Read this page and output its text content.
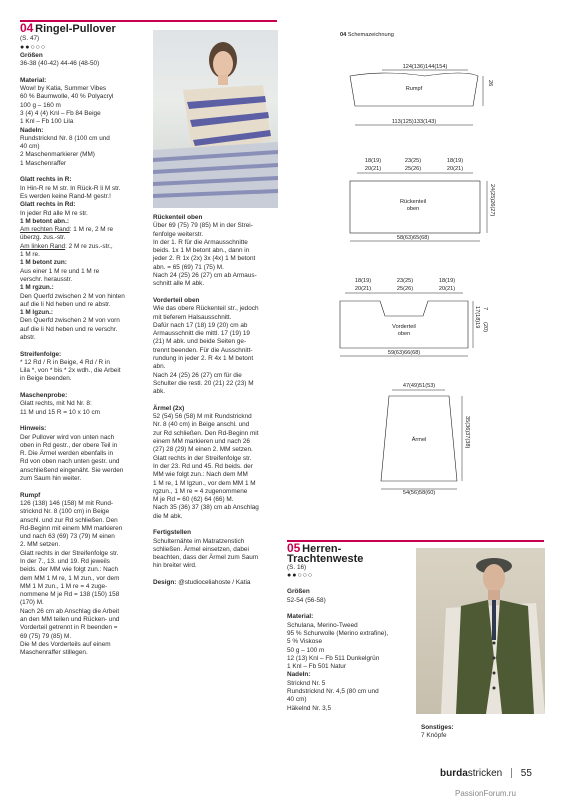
04 Ringel-Pullover

(S. 47)

●●○○○

Größen

36-38 (40-42) 44-46 (48-50)

Material:

Wow! by Katia, Summer Vibes

60 % Baumwolle, 40 % Polyacryl

100 g – 160 m

3 (4) 4 (4) Knl – Fb 84 Beige

1 Knl – Fb 100 Lila

Nadeln:

Rundstricknd Nr. 8 (100 cm und

40 cm)

2 Maschenmarkierer (MM)

1 Maschenraffer

Glatt rechts in R:

In Hin-R re M str. In Rück-R li M str.

Es werden keine Rand-M gestr.!

Glatt rechts in Rd:

In jeder Rd alle M re str.

1 M betont abn.:

Am rechten Rand: 1 M re, 2 M re

überzg. zus.-str.

Am linken Rand: 2 M re zus.-str.,

1 M re.

1 M betont zun:

Aus einer 1 M re und 1 M re

verschr. herausstr.

1 M rgzun.:

Den Querfd zwischen 2 M von hinten

auf die li Nd heben und re abstr.

1 M lgzun.:

Den Querfd zwischen 2 M von vorn

auf die li Nd heben und re verschr.

abstr.

Streifenfolge:

* 12 Rd / R in Beige, 4 Rd / R in

Lila *, von * bis * 2x wdh., die Arbeit

in Beige beenden.

Maschenprobe:

Glatt rechts, mit Nd Nr. 8:

11 M und 15 R = 10 x 10 cm

Hinweis:

Der Pullover wird von unten nach

oben in Rd gestr., der obere Teil in

R. Die Ärmel werden ebenfalls in

Rd von oben nach unten gestr. und

anschließend eingenäht. Sie werden

zum Saum hin weiter.

Rumpf

126 (138) 146 (158) M mit Rund-

stricknd Nr. 8 (100 cm) in Beige

anschl. und zur Rd schließen. Den

Rd-Beginn mit einem MM markieren

und nach 63 (69) 73 (79) M einen

2. MM setzen.

Glatt rechts in der Streifenfolge str.

In der 7., 13. und 19. Rd jeweils

beids. der MM wie folgt zun.: Nach

dem MM 1 M re, 1 M zun., vor dem

MM 1 M zun., 1 M re = 4 zuge-

nommene M je Rd = 138 (150) 158

(170) M.

Nach 26 cm ab Anschlag die Arbeit

an den MM teilen und Rücken- und

Vorderteil getrennt in R beenden =

69 (75) 79 (85) M.

Die M des Vorderteils auf einem

Maschenraffer stillegen.

Rückenteil oben

Über 69 (75) 79 (85) M in der Strei-

fenfolge weiterstr.

In der 1. R für die Armausschnitte

beids. 1x 1 M betont abn., dann in

jeder 2. R 1x (2x) 3x (4x) 1 M betont

abn. = 65 (69) 71 (75) M.

Nach 24 (25) 26 (27) cm ab Armaus-

schnitt alle M abk.

Vorderteil oben

Wie das obere Rückenteil str., jedoch

mit tieferem Halsausschnitt.

Dafür nach 17 (18) 19 (20) cm ab

Armausschnitt die mittl. 17 (19) 19

(21) M abk. und beide Seiten ge-

trennt beenden. Für die Ausschnitt-

rundung in jeder 2. R 4x 1 M betont

abn.

Nach 24 (25) 26 (27) cm für die

Schulter die restl. 20 (21) 22 (23) M

abk.

Ärmel (2x)

52 (54) 56 (58) M mit Rundstricknd

Nr. 8 (40 cm) in Beige anschl. und

zur Rd schließen. Den Rd-Beginn mit

einem MM markieren und nach 26

(27) 28 (29) M einen 2. MM setzen.

Glatt rechts in der Streifenfolge str.

In der 23. Rd und 45. Rd beids. der

MM wie folgt zun.: Nach dem MM

1 M re, 1 M lgzun., vor dem MM 1 M

rgzun., 1 M re = 4 zugenommene

M je Rd = 60 (62) 64 (66) M.

Nach 35 (36) 37 (38) cm ab Anschlag

die M abk.

Fertigstellen

Schulternähte im Matratzenstich

schließen. Ärmel einsetzen, dabei

beachten, dass der Ärmel zum Saum

hin breiter wird.

Design: @studioceliahoste / Katia

04 Schemazeichnung
124(136)144(154)
Rumpf
113(125)133(143)
26
18(19)
20(21)
23(25)
25(26)
18(19)
20(21)
Rückenteil
oben
58(63)65(68)
24(25)26(27)
18(19)
20(21)
23(25)
25(26)
18(19)
20(21)
Vorderteil
oben
59(63)66(68)
17(18)19 (20)
7
47(49)51(53)
Ärmel
54(56)58(60)
35(36)37(38)

05 Herren-

Trachtenweste

(S. 16)

●●○○○

Größen

52-54 (56-58)

Material:

Schulana, Merino-Tweed

95 % Schurwolle (Merino extrafine),

5 % Viskose

50 g – 100 m

12 (13) Knl – Fb 511 Dunkelgrün

1 Knl – Fb 501 Natur

Nadeln:

Stricknd Nr. 5

Rundstricknd Nr. 4,5 (80 cm und

40 cm)

Häkelnd Nr. 3,5

Sonstiges:

7 Knöpfe

burdastricken 55
PassionForum.ru
